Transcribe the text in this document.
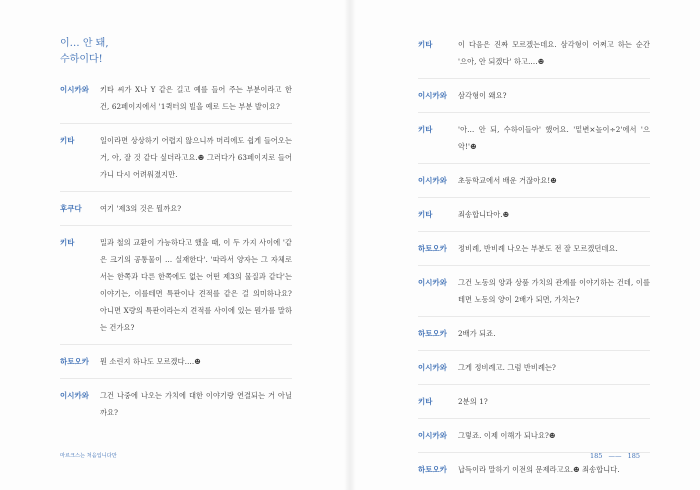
이… 안 돼,
수하이다!
이시카와 키타 씨가 X나 Y 같은 길고 예를 들어 주는 부분이라고 한 건, 62페이지에서 '1퀵터의 빌을 예로 드는 부분 발이요?
키타	일이라면 상상하기 어렵지 않으니까 머리에도 쉽게 들어오는 거, 아, 잘 것 같다 싶더라고요.☻ 그러다가 63페이지로 들어가니 다시 어려워졌지만.
후쿠다	여기 '제3의 것은 뭘까요?
키타	밀과 철의 교환이 가능하다고 했을 때, 이 두 가지 사이에 '같은 크기의 공통물이 … 실재한다'. '따라서 양자는 그 자체로서는 한쪽과 다른 한쪽에도 없는 어떤 제3의 물질과 같다'는 이야기는, 이를테면 특판이나 견적를 같은 걸 의미하나요? 아니면 X량의 특판이라는지 견적를 사이에 있는 뭔가를 말하는 건가요?
하토오카 뭔 소린지 하나도 모르겠다….☻
이시카와 그건 나중에 나오는 가치에 대한 이야기랑 연결되는 거 아닐까요?
키타	이 다음은 진짜 모르겠는데요. 삼각형이 어쩌고 하는 순간 '으아, 안 되겠다' 하고….☻
이시카와 삼각형이 왜요?
키타	'아… 안 되, 수하이들아' 했어요. '밑변×높이÷2'에서 '으악!'☻
이시카와 초등학교에서 배운 거잖아요!☻
키타	죄송합니다아.☻
하토오카 정비례, 반비례 나오는 부분도 전 잘 모르겠던데요.
이시카와 그건 노동의 양과 상품 가치의 관계를 이야기하는 건데, 이를테면 노동의 양이 2배가 되면, 가치는?
하토오카 2배가 되죠.
이시카와 그게 정비례고. 그럼 반비례는?
키타	2분의 1?
이시카와 그렇죠. 이제 이해가 되나요?☻
하토오카 납득이라 말하기 이전의 문제라고요.☻ 죄송합니다.
마르크스는 처음입니다만	185 —— 185
